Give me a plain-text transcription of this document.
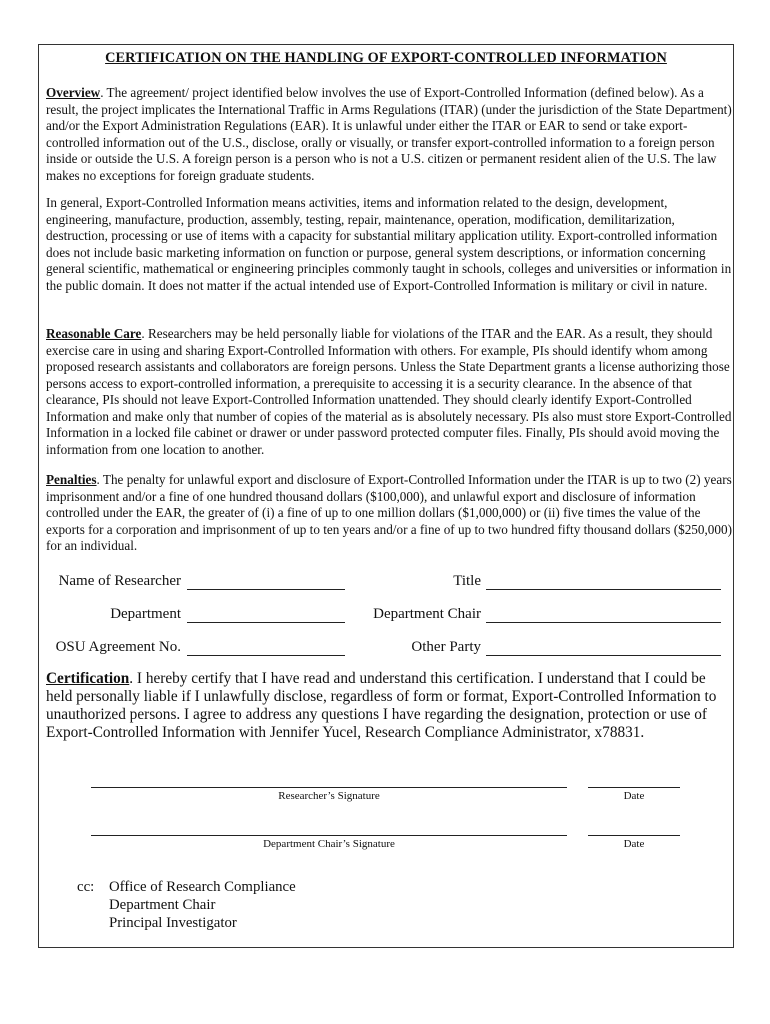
CERTIFICATION ON THE HANDLING OF EXPORT-CONTROLLED INFORMATION

Overview. The agreement/ project identified below involves the use of Export-Controlled Information (defined below). As a result, the project implicates the International Traffic in Arms Regulations (ITAR) (under the jurisdiction of the State Department) and/or the Export Administration Regulations (EAR). It is unlawful under either the ITAR or EAR to send or take export-controlled information out of the U.S., disclose, orally or visually, or transfer export-controlled information to a foreign person inside or outside the U.S. A foreign person is a person who is not a U.S. citizen or permanent resident alien of the U.S. The law makes no exceptions for foreign graduate students.

In general, Export-Controlled Information means activities, items and information related to the design, development, engineering, manufacture, production, assembly, testing, repair, maintenance, operation, modification, demilitarization, destruction, processing or use of items with a capacity for substantial military application utility. Export-controlled information does not include basic marketing information on function or purpose, general system descriptions, or information concerning general scientific, mathematical or engineering principles commonly taught in schools, colleges and universities or information in the public domain. It does not matter if the actual intended use of Export-Controlled Information is military or civil in nature.

Reasonable Care. Researchers may be held personally liable for violations of the ITAR and the EAR. As a result, they should exercise care in using and sharing Export-Controlled Information with others. For example, PIs should identify whom among proposed research assistants and collaborators are foreign persons. Unless the State Department grants a license authorizing those persons access to export-controlled information, a prerequisite to accessing it is a security clearance. In the absence of that clearance, PIs should not leave Export-Controlled Information unattended. They should clearly identify Export-Controlled Information and make only that number of copies of the material as is absolutely necessary. PIs also must store Export-Controlled Information in a locked file cabinet or drawer or under password protected computer files. Finally, PIs should avoid moving the information from one location to another.

Penalties. The penalty for unlawful export and disclosure of Export-Controlled Information under the ITAR is up to two (2) years imprisonment and/or a fine of one hundred thousand dollars ($100,000), and unlawful export and disclosure of information controlled under the EAR, the greater of (i) a fine of up to one million dollars ($1,000,000) or (ii) five times the value of the exports for a corporation and imprisonment of up to ten years and/or a fine of up to two hundred fifty thousand dollars ($250,000) for an individual.

Name of Researcher	Title
Department	Department Chair
OSU Agreement No.	Other Party

Certification. I hereby certify that I have read and understand this certification. I understand that I could be held personally liable if I unlawfully disclose, regardless of form or format, Export-Controlled Information to unauthorized persons. I agree to address any questions I have regarding the designation, protection or use of Export-Controlled Information with Jennifer Yucel, Research Compliance Administrator, x78831.

Researcher’s Signature	Date
Department Chair’s Signature	Date
cc: Office of Research Compliance
Department Chair
Principal Investigator
